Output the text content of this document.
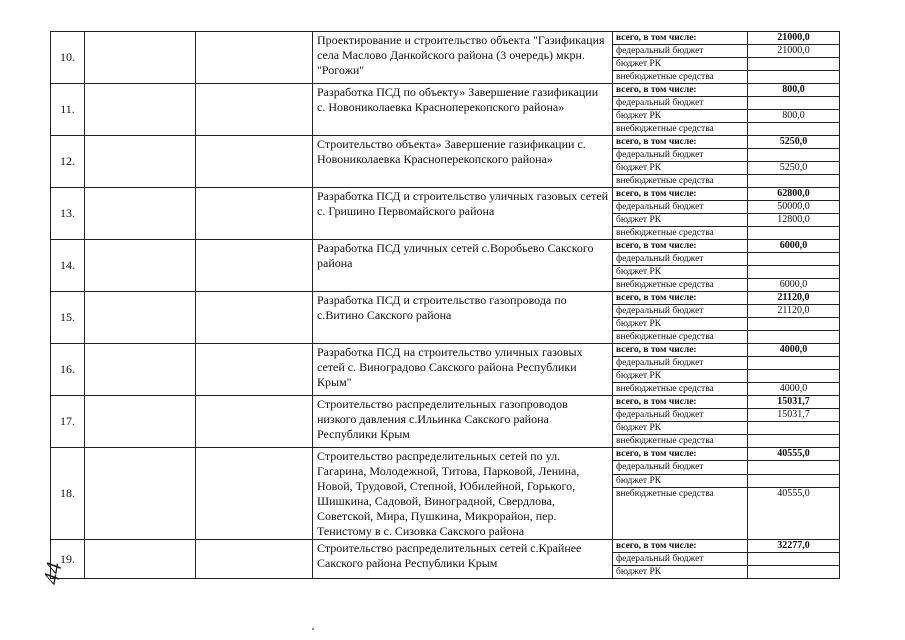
10.			Проектирование и строительство объекта "Газификация села Маслово Данкойского района (3 очередь) мкрн. "Рогожи"	всего, в том числе:	21000,0
				федеральный бюджет	21000,0
				бюджет РК	
				внебюджетные средства	
11.			Разработка ПСД по объекту» Завершение газификации с. Новониколаевка Красноперекопского района»	всего, в том числе:	800,0
				федеральный бюджет	
				бюджет РК	800,0
				внебюджетные средства	
12.			Строительство объекта» Завершение газификации с. Новониколаевка Красноперекопского района»	всего, в том числе:	5250,0
				федеральный бюджет	
				бюджет РК	5250,0
				внебюджетные средства	
13.			Разработка ПСД и строительство уличных газовых сетей с. Гришино Первомайского района	всего, в том числе:	62800,0
				федеральный бюджет	50000,0
				бюджет РК	12800,0
				внебюджетные средства	
14.			Разработка ПСД уличных сетей с.Воробьево Сакского района	всего, в том числе:	6000,0
				федеральный бюджет	
				бюджет РК	
				внебюджетные средства	6000,0
15.			Разработка ПСД и строительство газопровода по с.Витино Сакского района	всего, в том числе:	21120,0
				федеральный бюджет	21120,0
				бюджет РК	
				внебюджетные средства	
16.			Разработка ПСД на строительство уличных газовых сетей с. Виноградово Сакского района Республики Крым"	всего, в том числе:	4000,0
				федеральный бюджет	
				бюджет РК	
				внебюджетные средства	4000,0
17.			Строительство распределительных газопроводов низкого давления с.Ильинка Сакского района Республики Крым	всего, в том числе:	15031,7
				федеральный бюджет	15031,7
				бюджет РК	
				внебюджетные средства	
18.			Строительство распределительных сетей по ул. Гагарина, Молодежной, Титова, Парковой, Ленина, Новой, Трудовой, Степной, Юбилейной, Горького, Шишкина, Садовой, Виноградной, Свердлова, Советской, Мира, Пушкина, Микрорайон, пер. Тенистому в с. Сизовка Сакского района	всего, в том числе:	40555,0
				федеральный бюджет	
				бюджет РК	
				внебюджетные средства	40555,0
19.			Строительство распределительных сетей с.Крайнее Сакского района Республики Крым	всего, в том числе:	32277,0
				федеральный бюджет	
				бюджет РК	
44
